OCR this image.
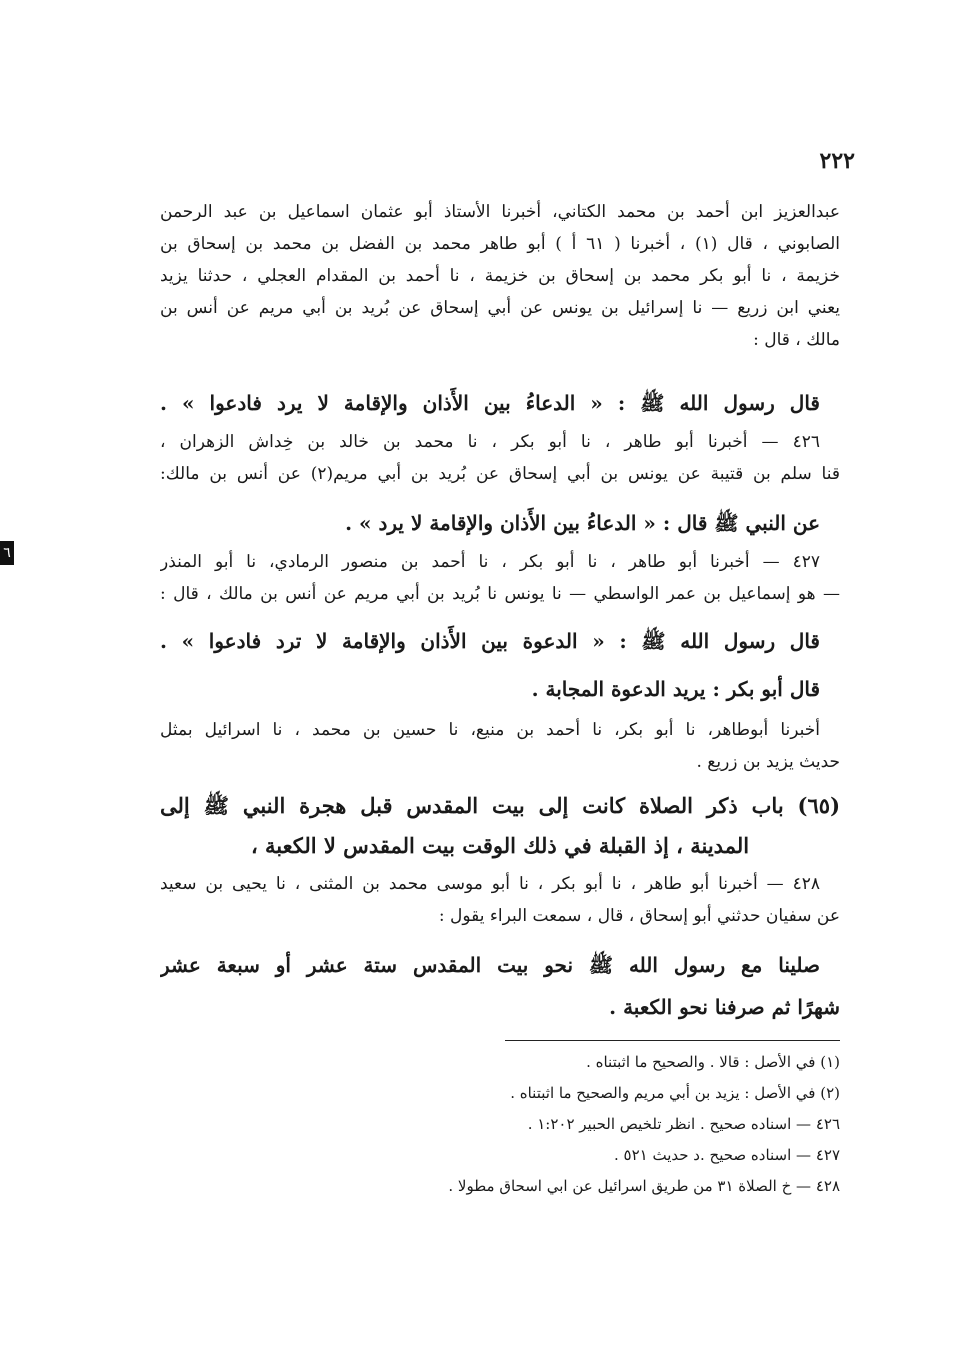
٢٢٢
٦
عبدالعزيز ابن أحمد بن محمد الكتاني، أخبرنا الأستاذ أبو عثمان اسماعيل بن عبد الرحمن
الصابوني ، قال (١) ، أخبرنا ( ٦١ أ ) أبو طاهر محمد بن الفضل بن محمد بن إسحاق بن
خزيمة ، نا أبو بكر محمد بن إسحاق بن خزيمة ، نا أحمد بن المقدام العجلي ، حدثنا يزيد
يعني ابن زريع — نا إسرائيل بن يونس عن أبي إسحاق عن بُريد بن أبي مريم عن أنس بن
مالك ، قال :
قال رسول الله ﷺ : « الدعاءُ بين الأَذان والإقامة لا يرد فادعوا » .
٤٢٦ — أخبرنا أبو طاهر ، نا أبو بكر ، نا محمد بن خالد بن خِداش الزهران ،
قنا سلم بن قتيبة عن يونس بن أبي إسحاق عن بُريد بن أبي مريم(٢) عن أنس بن مالك:
عن النبي ﷺ قال : « الدعاءُ بين الأَذان والإقامة لا يرد » .
٤٢٧ — أخبرنا أبو طاهر ، نا أبو بكر ، نا أحمد بن منصور الرمادي، نا أبو المنذر
— هو إسماعيل بن عمر الواسطي — نا يونس نا بُريد بن أبي مريم عن أنس بن مالك ، قال :
قال رسول الله ﷺ : « الدعوة بين الأَذان والإقامة لا ترد فادعوا » .
قال أبو بكر : يريد الدعوة المجابة .
أخبرنا أبوطاهر، نا أبو بكر، نا أحمد بن منيع، نا حسين بن محمد ، نا اسرائيل بمثل
حديث يزيد بن زريع .
(٦٥) باب ذكر الصلاة كانت إلى بيت المقدس قبل هجرة النبي ﷺ إلى
المدينة ، إذ القبلة في ذلك الوقت بيت المقدس لا الكعبة ،
٤٢٨ — أخبرنا أبو طاهر ، نا أبو بكر ، نا أبو موسى محمد بن المثنى ، نا يحيى بن سعيد
عن سفيان حدثني أبو إسحاق ، قال ، سمعت البراء يقول :
صلينا مع رسول الله ﷺ نحو بيت المقدس ستة عشر أو سبعة عشر
شهرًا ثم صرفنا نحو الكعبة .
(١) في الأصل : قالا . والصحيح ما اثبتناه .
(٢) في الأصل : يزيد بن أبي مريم والصحيح ما اثبتناه .
٤٢٦ — اسناده صحيح . انظر تلخيص الحبير ١:٢٠٢ .
٤٢٧ — اسناده صحيح .د حديث ٥٢١ .
٤٢٨ — خ الصلاة ٣١ من طريق اسرائيل عن ابي اسحاق مطولا .
